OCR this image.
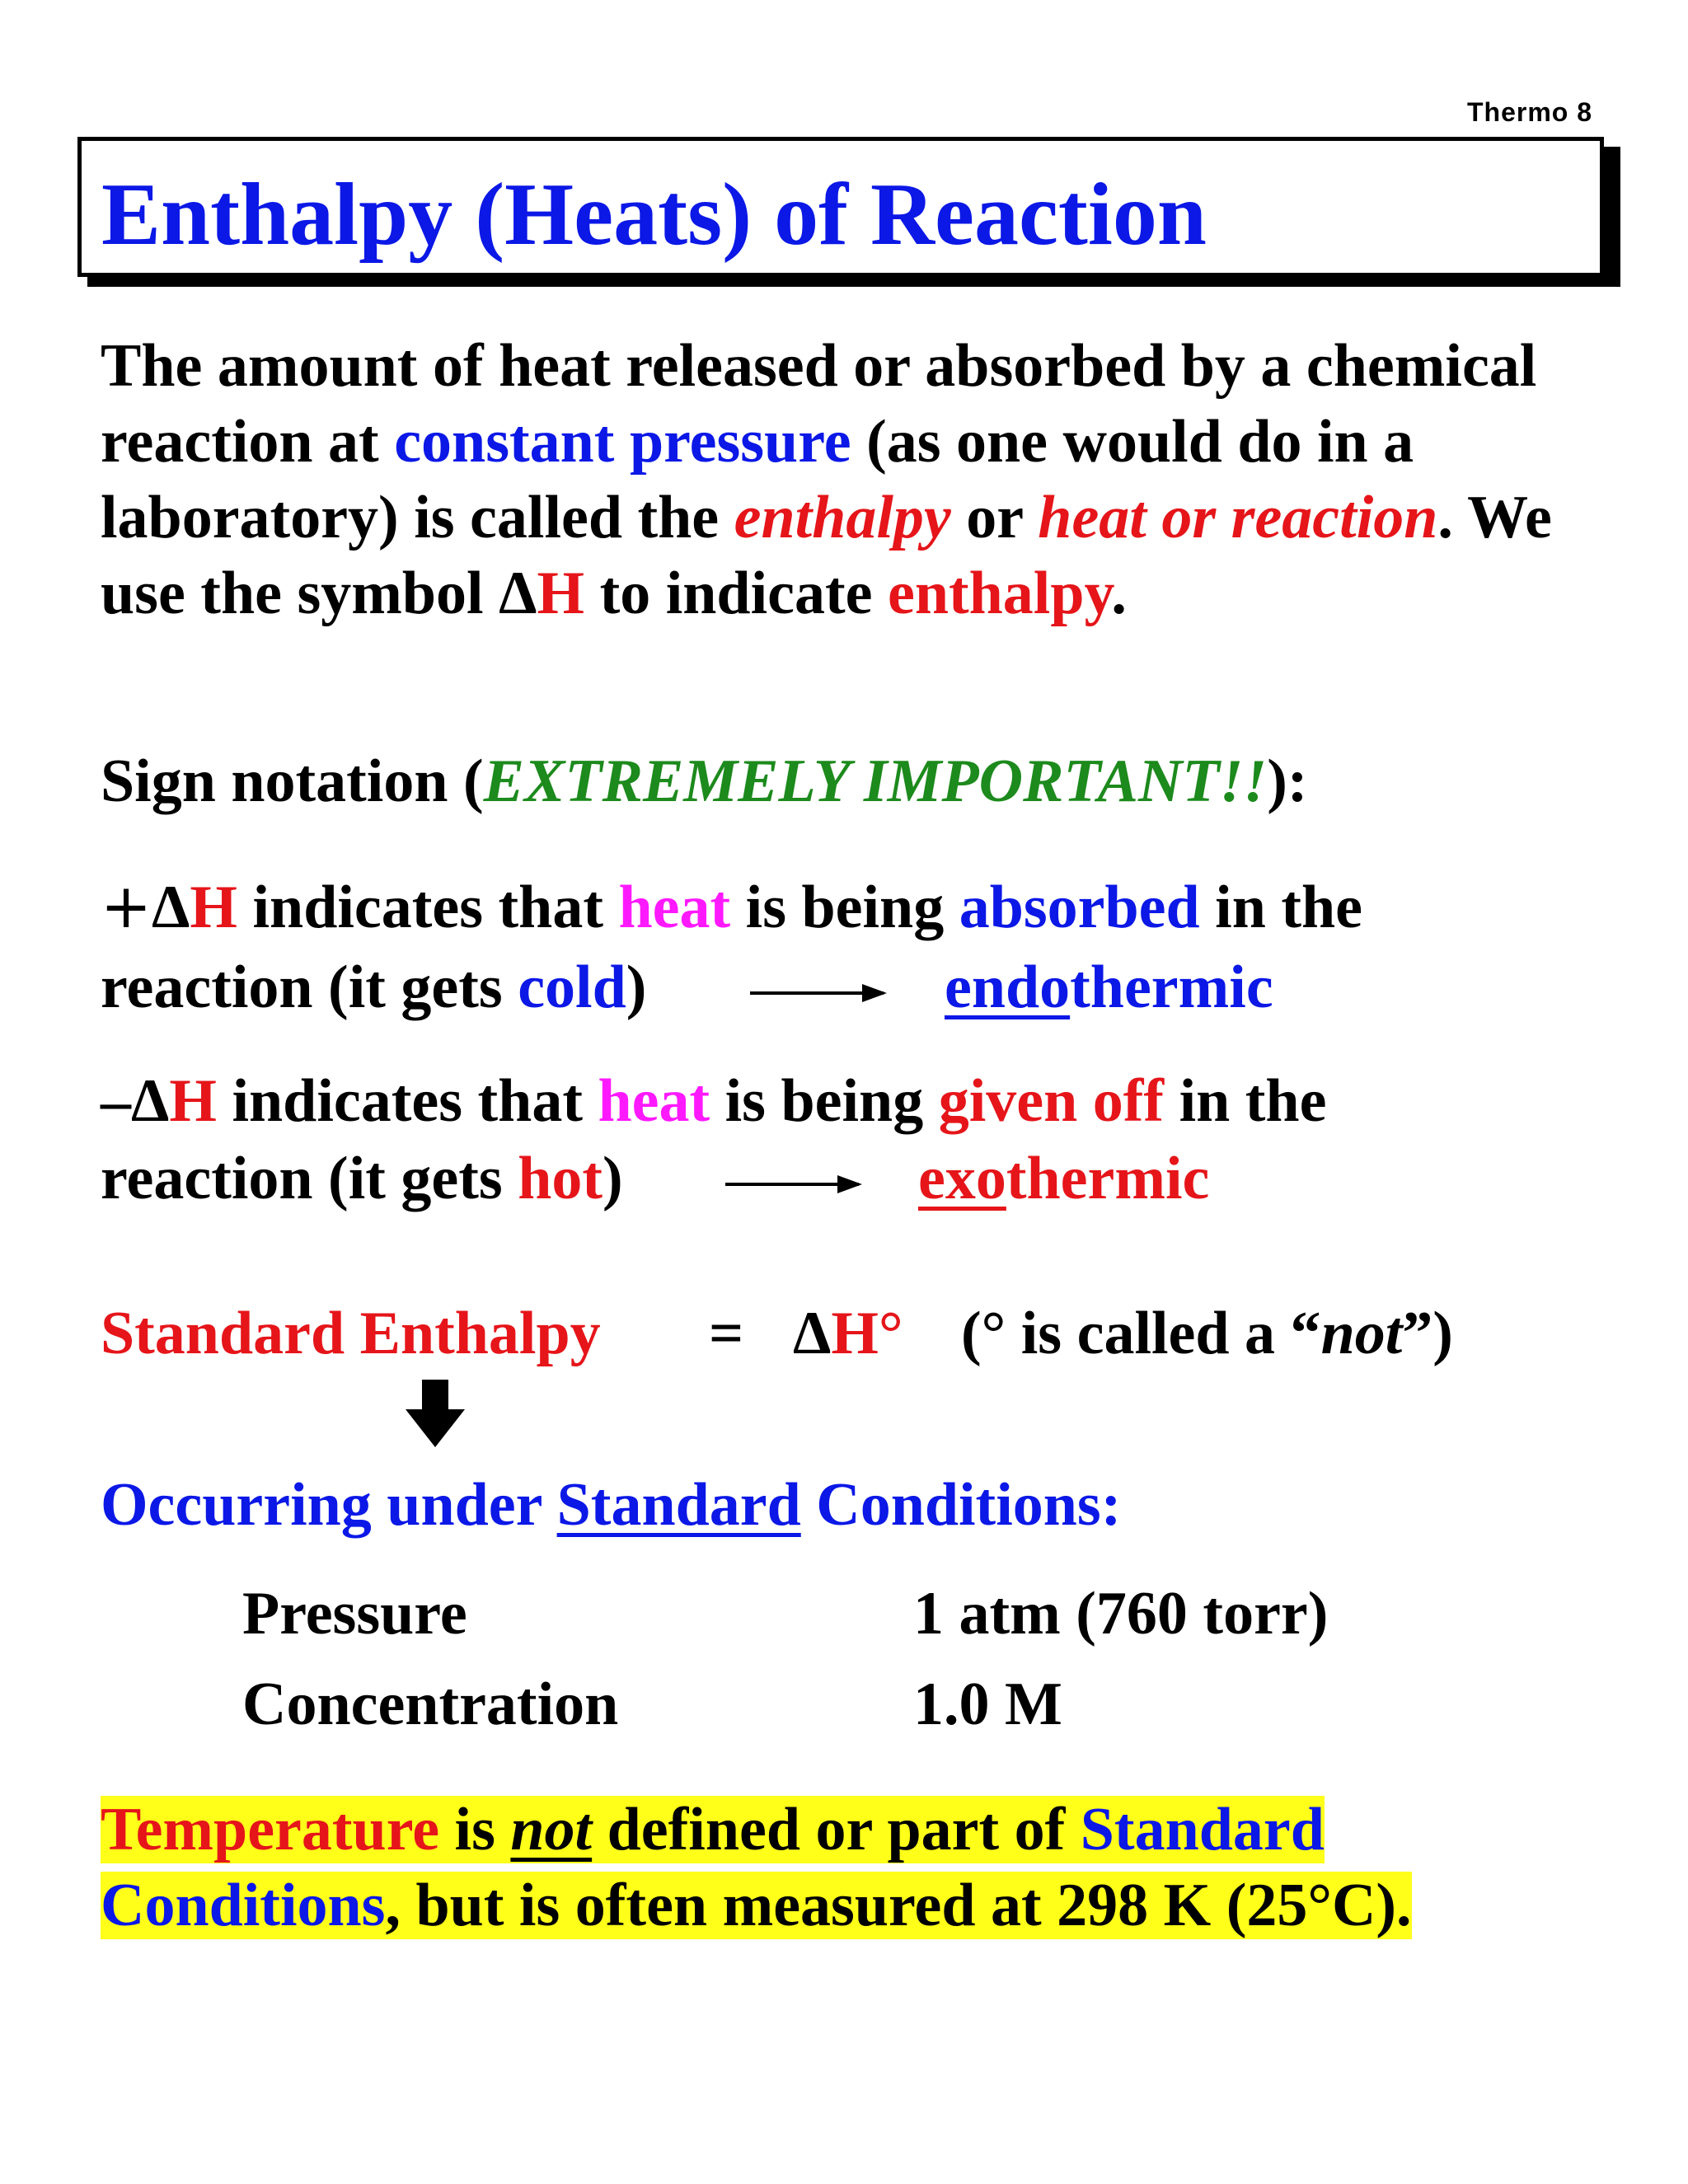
Thermo 8
Enthalpy (Heats) of Reaction
The amount of heat released or absorbed by a chemical reaction at constant pressure (as one would do in a laboratory) is called the enthalpy or heat or reaction. We use the symbol ΔH to indicate enthalpy.
Sign notation (EXTREMELY IMPORTANT!!):
+ΔH indicates that heat is being absorbed in the
reaction (it gets cold)	endothermic
–ΔH indicates that heat is being given off in the
reaction (it gets hot)	exothermic
Standard Enthalpy = ΔH° (° is called a “not”)
Occurring under Standard Conditions:
Pressure	1 atm (760 torr)
Concentration	1.0 M
Temperature is not defined or part of Standard
Conditions, but is often measured at 298 K (25°C).
